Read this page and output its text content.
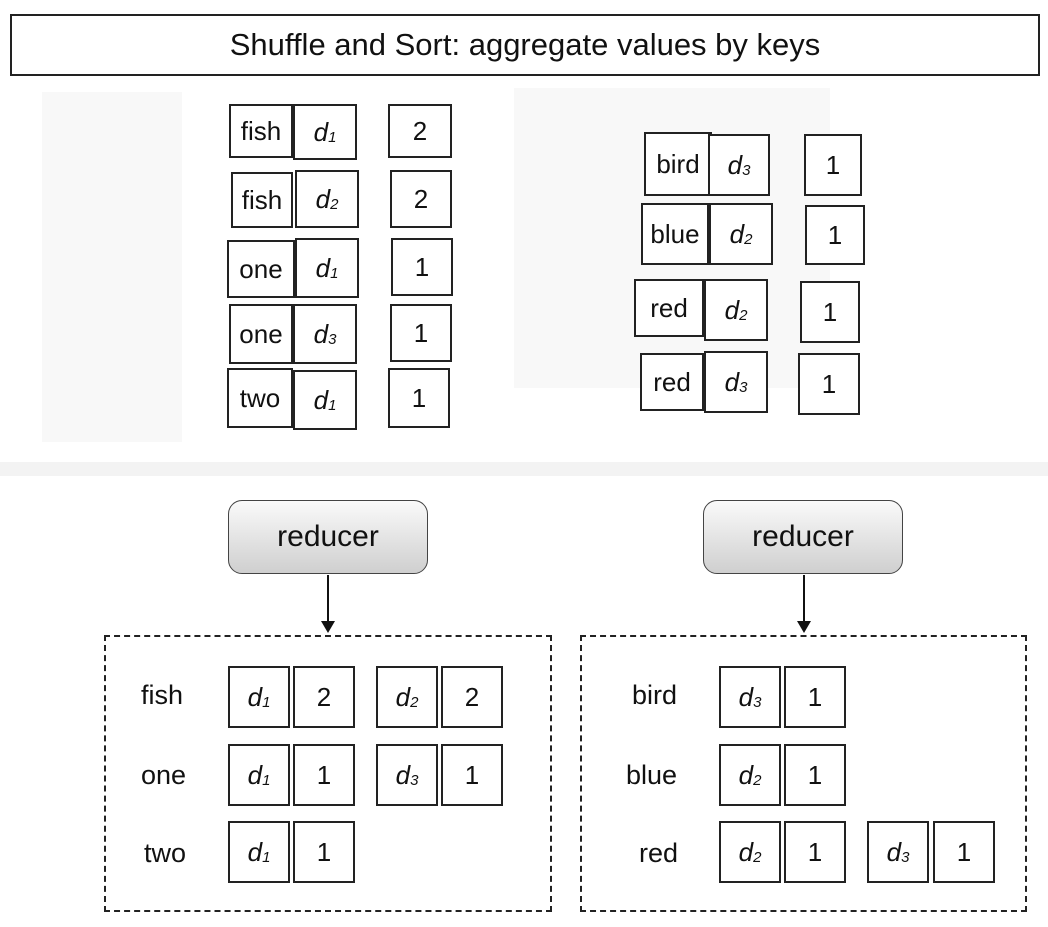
Shuffle and Sort: aggregate values by keys
fish $d_1$	2
fish $d_2$	2
one $d_1$	1
one $d_3$	1
two $d_1$	1
bird $d_3$	1
blue $d_2$	1
red $d_2$	1
red $d_3$	1
reducer	reducer
fish $d_1$ 2 $d_2$ 2
one $d_1$ 1 $d_3$ 1
two $d_1$ 1
bird $d_3$ 1
blue $d_2$ 1
red $d_2$ 1 $d_3$ 1
